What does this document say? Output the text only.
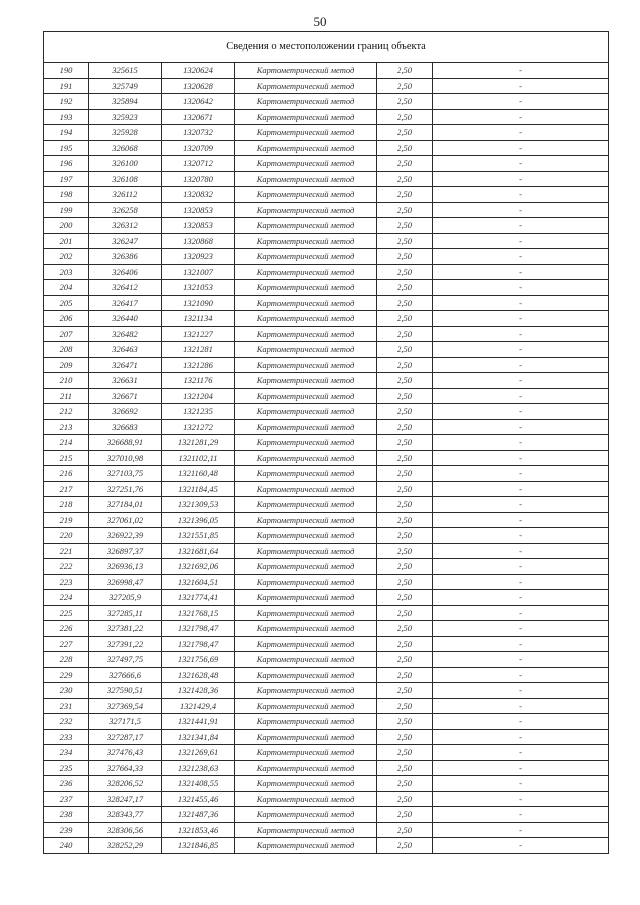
50
Сведения о местоположении границ объекта					
190	325615	1320624	Картометрический метод	2,50	-
191	325749	1320628	Картометрический метод	2,50	-
192	325894	1320642	Картометрический метод	2,50	-
193	325923	1320671	Картометрический метод	2,50	-
194	325928	1320732	Картометрический метод	2,50	-
195	326068	1320709	Картометрический метод	2,50	-
196	326100	1320712	Картометрический метод	2,50	-
197	326108	1320780	Картометрический метод	2,50	-
198	326112	1320832	Картометрический метод	2,50	-
199	326258	1320853	Картометрический метод	2,50	-
200	326312	1320853	Картометрический метод	2,50	-
201	326247	1320868	Картометрический метод	2,50	-
202	326386	1320923	Картометрический метод	2,50	-
203	326406	1321007	Картометрический метод	2,50	-
204	326412	1321053	Картометрический метод	2,50	-
205	326417	1321090	Картометрический метод	2,50	-
206	326440	1321134	Картометрический метод	2,50	-
207	326482	1321227	Картометрический метод	2,50	-
208	326463	1321281	Картометрический метод	2,50	-
209	326471	1321286	Картометрический метод	2,50	-
210	326631	1321176	Картометрический метод	2,50	-
211	326671	1321204	Картометрический метод	2,50	-
212	326692	1321235	Картометрический метод	2,50	-
213	326683	1321272	Картометрический метод	2,50	-
214	326688,91	1321281,29	Картометрический метод	2,50	-
215	327010,98	1321102,11	Картометрический метод	2,50	-
216	327103,75	1321160,48	Картометрический метод	2,50	-
217	327251,76	1321184,45	Картометрический метод	2,50	-
218	327184,01	1321309,53	Картометрический метод	2,50	-
219	327061,02	1321396,05	Картометрический метод	2,50	-
220	326922,39	1321551,85	Картометрический метод	2,50	-
221	326897,37	1321681,64	Картометрический метод	2,50	-
222	326936,13	1321692,06	Картометрический метод	2,50	-
223	326998,47	1321604,51	Картометрический метод	2,50	-
224	327205,9	1321774,41	Картометрический метод	2,50	-
225	327285,11	1321768,15	Картометрический метод	2,50	-
226	327381,22	1321798,47	Картометрический метод	2,50	-
227	327391,22	1321798,47	Картометрический метод	2,50	-
228	327497,75	1321756,69	Картометрический метод	2,50	-
229	327666,6	1321628,48	Картометрический метод	2,50	-
230	327590,51	1321428,36	Картометрический метод	2,50	-
231	327369,54	1321429,4	Картометрический метод	2,50	-
232	327171,5	1321441,91	Картометрический метод	2,50	-
233	327287,17	1321341,84	Картометрический метод	2,50	-
234	327476,43	1321269,61	Картометрический метод	2,50	-
235	327664,33	1321238,63	Картометрический метод	2,50	-
236	328206,52	1321408,55	Картометрический метод	2,50	-
237	328247,17	1321455,46	Картометрический метод	2,50	-
238	328343,77	1321487,36	Картометрический метод	2,50	-
239	328306,56	1321853,46	Картометрический метод	2,50	-
240	328252,29	1321846,85	Картометрический метод	2,50	-
